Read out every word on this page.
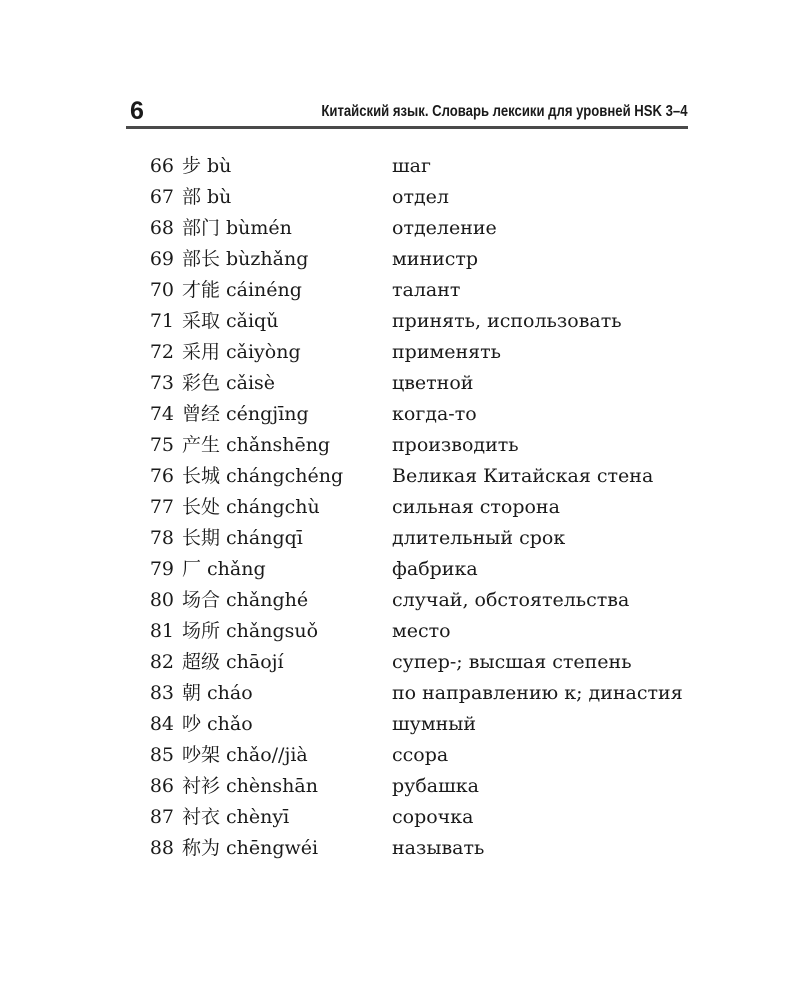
6	Китайский язык. Словарь лексики для уровней HSK 3–4
66 步 bù	шаг
67 部 bù	отдел
68 部门 bùmén	отделение
69 部长 bùzhǎng	министр
70 才能 cáinéng	талант
71 采取 cǎiqǔ	принять, использовать
72 采用 cǎiyòng	применять
73 彩色 cǎisè	цветной
74 曾经 céngjīng	когда-то
75 产生 chǎnshēng	производить
76 长城 chángchéng	Великая Китайская стена
77 长处 chángchù	сильная сторона
78 长期 chángqī	длительный срок
79 厂 chǎng	фабрика
80 场合 chǎnghé	случай, обстоятельства
81 场所 chǎngsuǒ	место
82 超级 chāojí	супер-; высшая степень
83 朝 cháo	по направлению к; династия
84 吵 chǎo	шумный
85 吵架 chǎo//jià	ссора
86 衬衫 chènshān	рубашка
87 衬衣 chènyī	сорочка
88 称为 chēngwéi	называть
